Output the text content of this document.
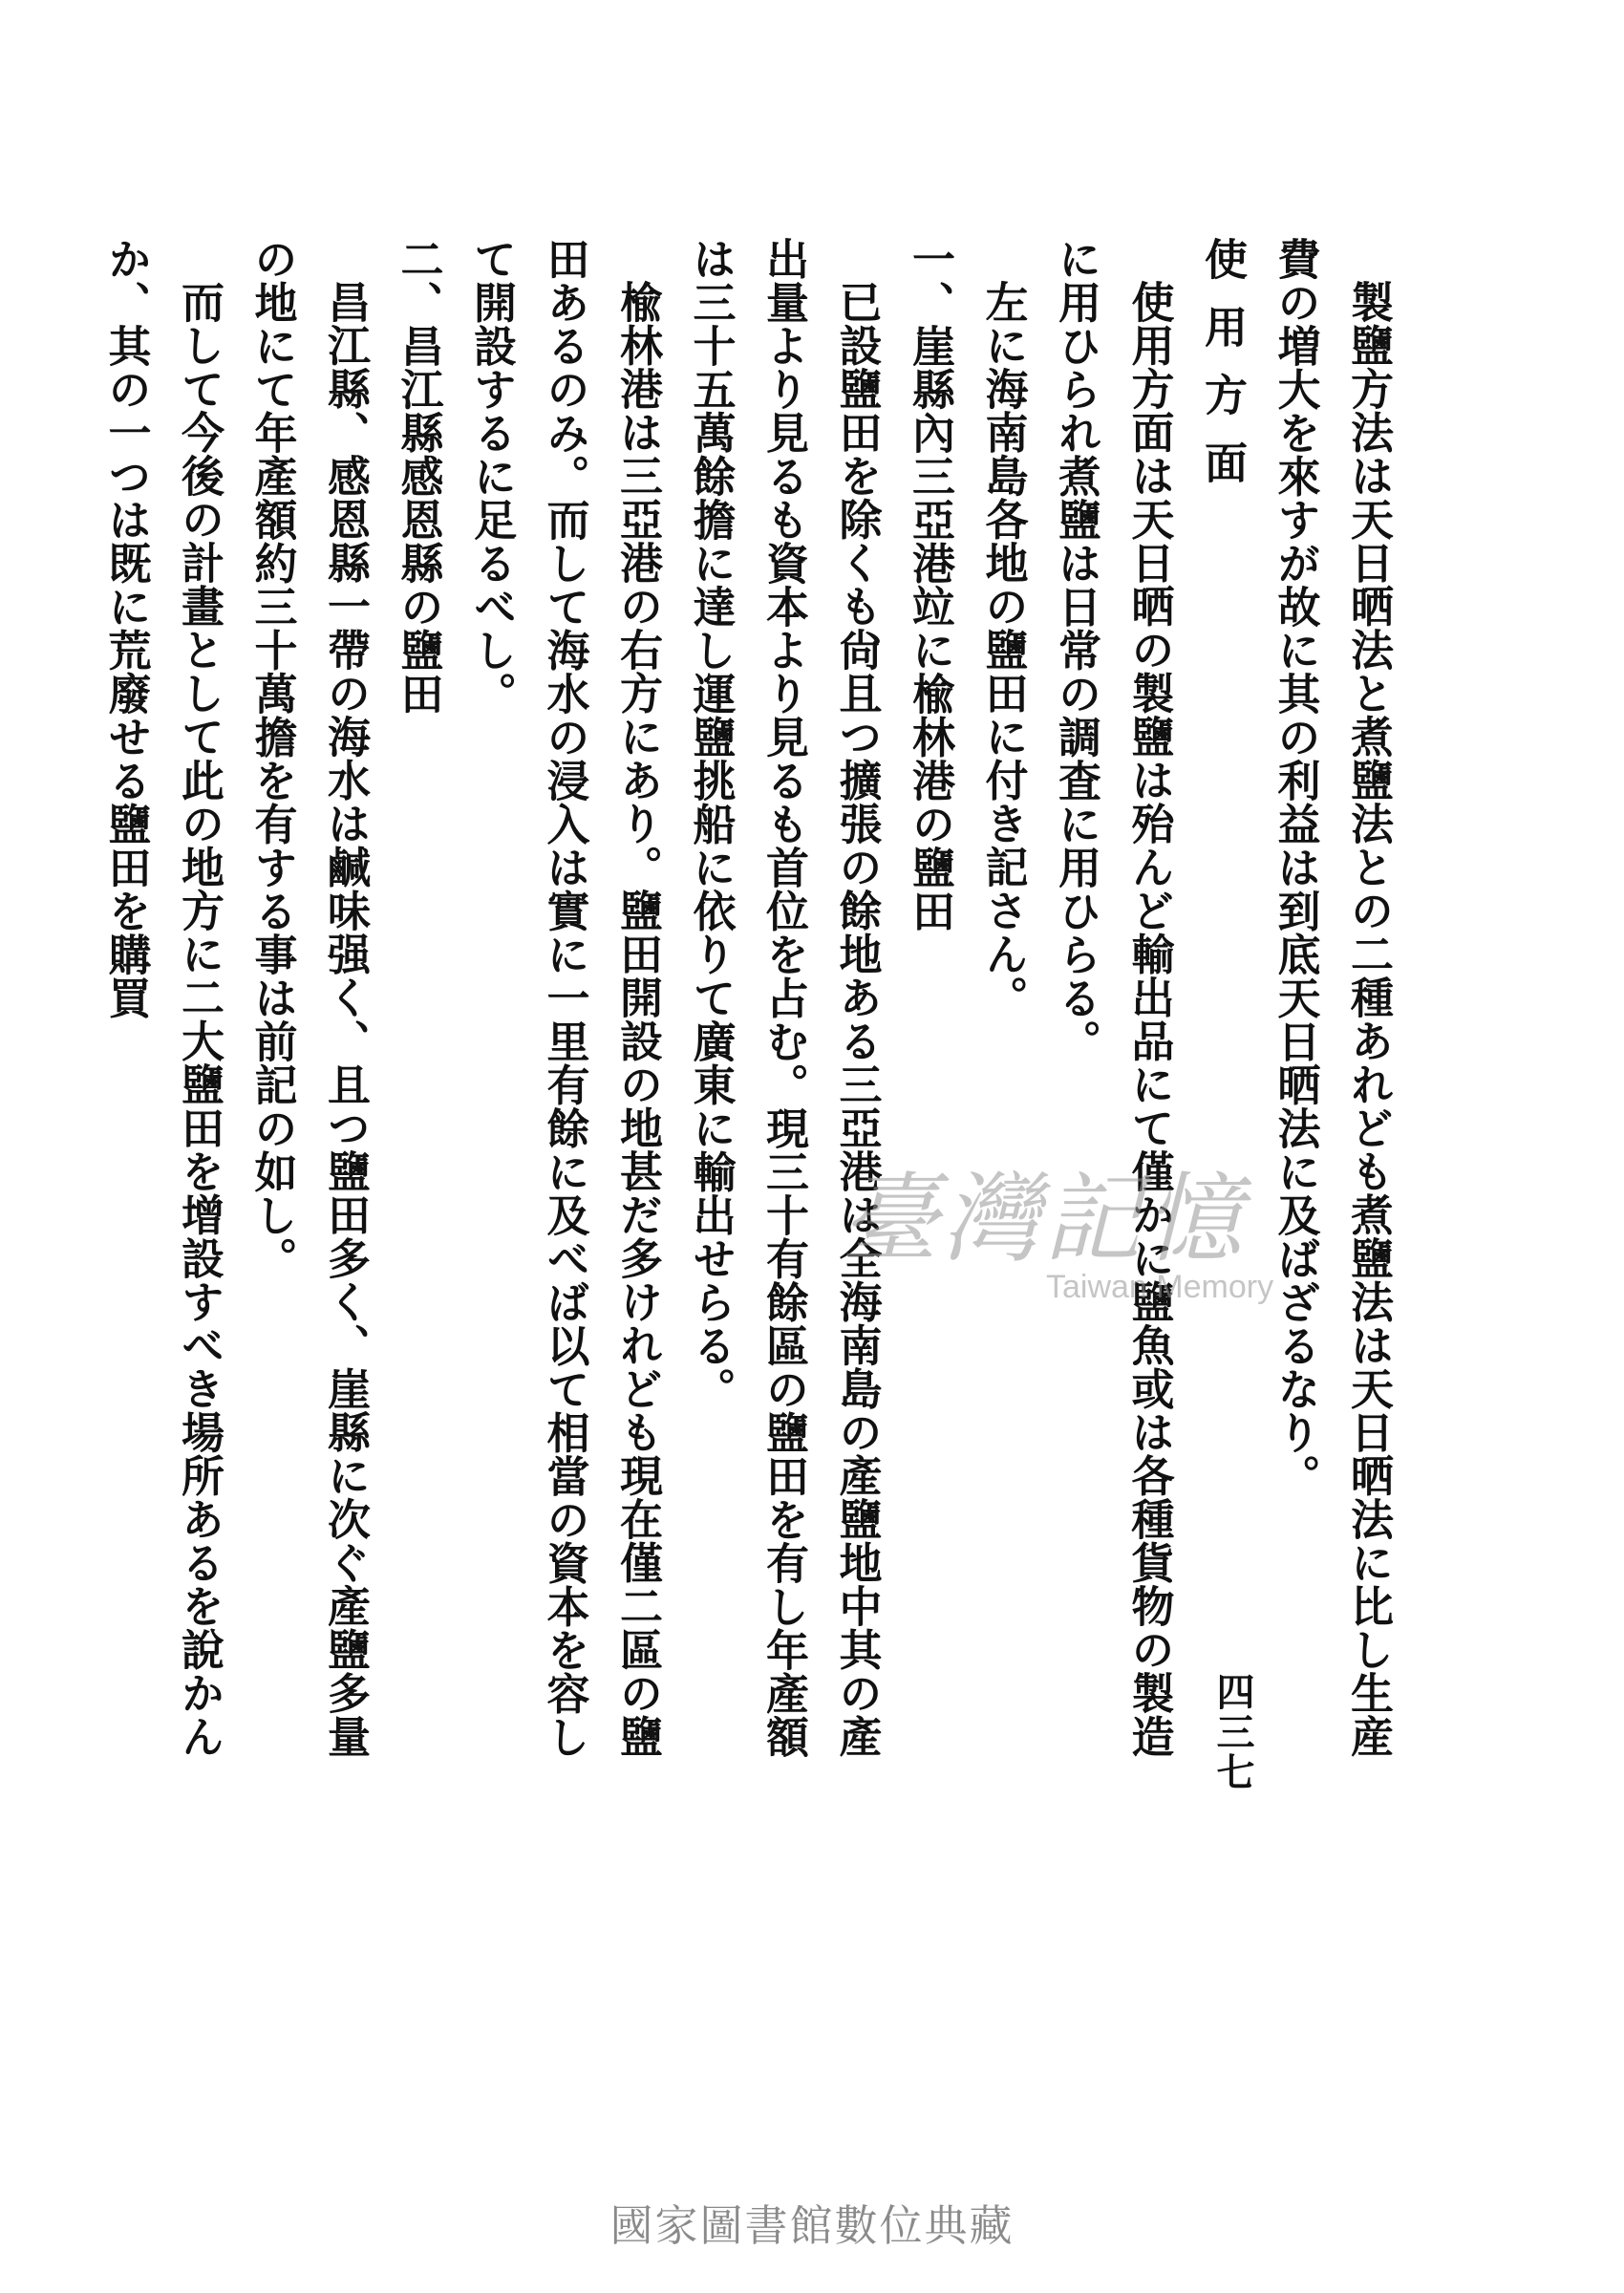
製鹽方法は天日晒法と煮鹽法との二種あれども煮鹽法は天日晒法に比し生産費の増大を來すが故に其の利益は到底天日晒法に及ばざるなり。

使用方面

使用方面は天日晒の製鹽は殆んど輸出品にて僅かに鹽魚或は各種貨物の製造に用ひられ煮鹽は日常の調査に用ひらる。

左に海南島各地の鹽田に付き記さん。

一、崖縣內三亞港竝に楡林港の鹽田

已設鹽田を除くも尙且つ擴張の餘地ある三亞港は全海南島の產鹽地中其の產出量より見るも資本より見るも首位を占む。現三十有餘區の鹽田を有し年產額は三十五萬餘擔に達し運鹽挑船に依りて廣東に輸出せらる。

楡林港は三亞港の右方にあり。鹽田開設の地甚だ多けれども現在僅二區の鹽田あるのみ。而して海水の浸入は實に一里有餘に及べば以て相當の資本を容して開設するに足るべし。

二、昌江縣感恩縣の鹽田

昌江縣、感恩縣一帶の海水は鹹味强く、且つ鹽田多く、崖縣に次ぐ產鹽多量の地にて年產額約三十萬擔を有する事は前記の如し。

而して今後の計畫として此の地方に二大鹽田を增設すべき場所あるを說かんか、其の一つは既に荒廢せる鹽田を購買

四三七
臺灣記憶
Taiwan Memory
國家圖書館數位典藏
